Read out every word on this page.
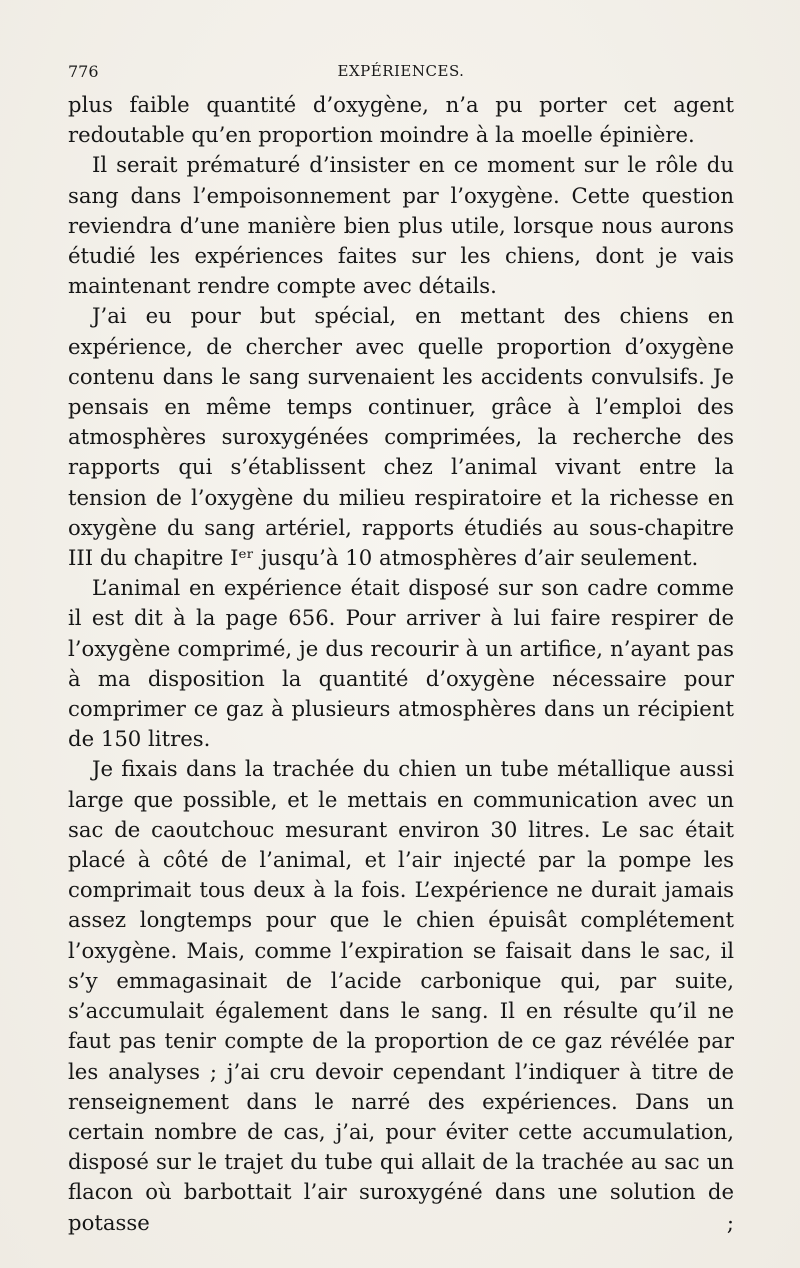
776	EXPÉRIENCES.

plus faible quantité d’oxygène, n’a pu porter cet agent redoutable qu’en proportion moindre à la moelle épinière.

Il serait prématuré d’insister en ce moment sur le rôle du sang dans l’empoisonnement par l’oxygène. Cette question reviendra d’une manière bien plus utile, lorsque nous aurons étudié les expériences faites sur les chiens, dont je vais maintenant rendre compte avec détails.

J’ai eu pour but spécial, en mettant des chiens en expérience, de chercher avec quelle proportion d’oxygène contenu dans le sang survenaient les accidents convulsifs. Je pensais en même temps continuer, grâce à l’emploi des atmosphères suroxygénées comprimées, la recherche des rapports qui s’établissent chez l’animal vivant entre la tension de l’oxygène du milieu respiratoire et la richesse en oxygène du sang artériel, rapports étudiés au sous-chapitre III du chapitre Iᵉʳ jusqu’à 10 atmosphères d’air seulement.

L’animal en expérience était disposé sur son cadre comme il est dit à la page 656. Pour arriver à lui faire respirer de l’oxygène comprimé, je dus recourir à un artifice, n’ayant pas à ma disposition la quantité d’oxygène nécessaire pour comprimer ce gaz à plusieurs atmosphères dans un récipient de 150 litres.

Je fixais dans la trachée du chien un tube métallique aussi large que possible, et le mettais en communication avec un sac de caoutchouc mesurant environ 30 litres. Le sac était placé à côté de l’animal, et l’air injecté par la pompe les comprimait tous deux à la fois. L’expérience ne durait jamais assez longtemps pour que le chien épuisât complétement l’oxygène. Mais, comme l’expiration se faisait dans le sac, il s’y emmagasinait de l’acide carbonique qui, par suite, s’accumulait également dans le sang. Il en résulte qu’il ne faut pas tenir compte de la proportion de ce gaz révélée par les analyses ; j’ai cru devoir cependant l’indiquer à titre de renseignement dans le narré des expériences. Dans un certain nombre de cas, j’ai, pour éviter cette accumulation, disposé sur le trajet du tube qui allait de la trachée au sac un flacon où barbottait l’air suroxygéné dans une solution de potasse ;
